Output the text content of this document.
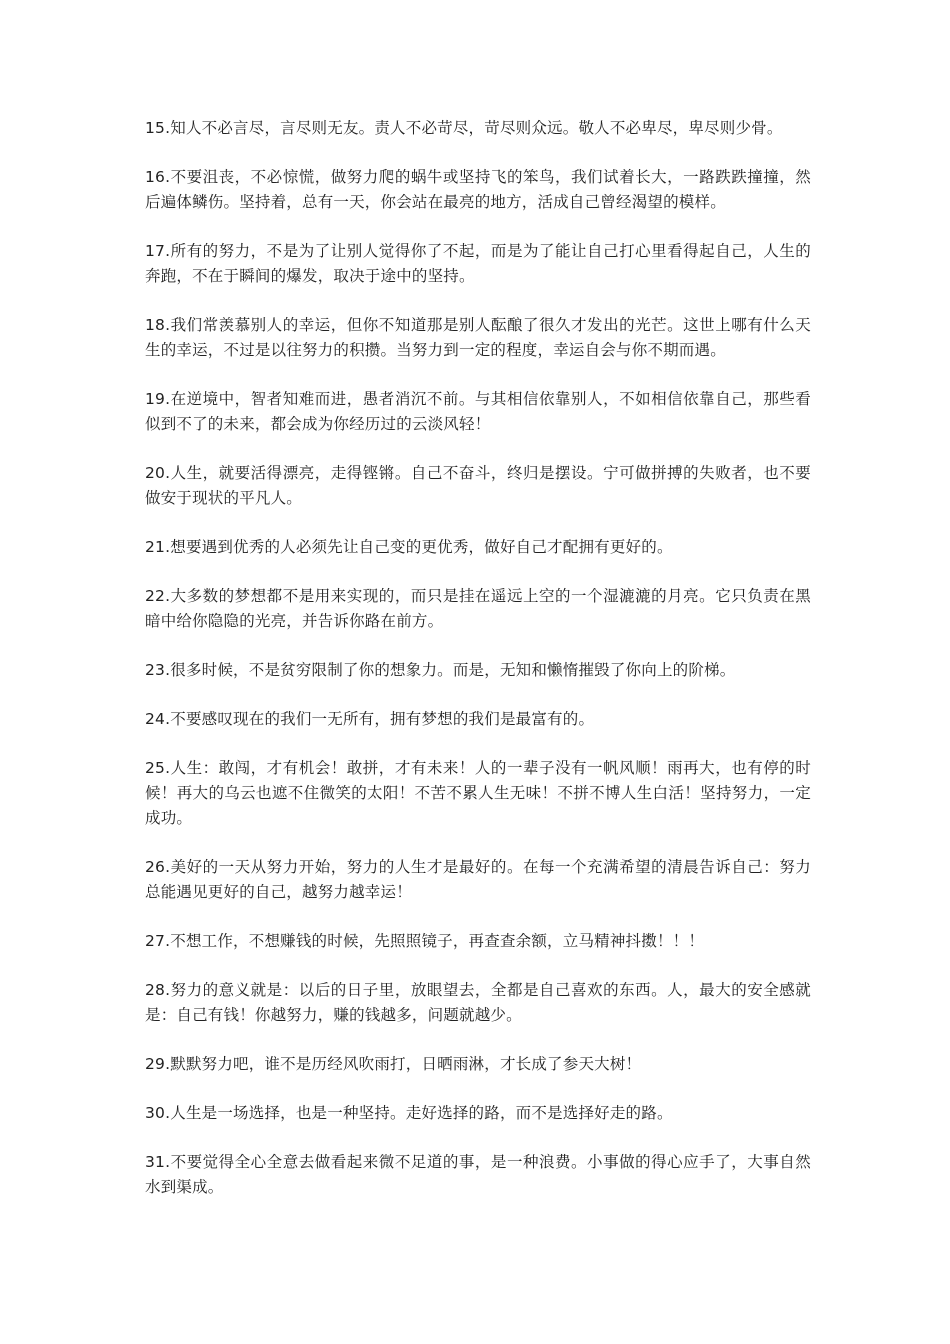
15.知人不必言尽，言尽则无友。责人不必苛尽，苛尽则众远。敬人不必卑尽，卑尽则少骨。

16.不要沮丧，不必惊慌，做努力爬的蜗牛或坚持飞的笨鸟，我们试着长大，一路跌跌撞撞，然后遍体鳞伤。坚持着，总有一天，你会站在最亮的地方，活成自己曾经渴望的模样。

17.所有的努力，不是为了让别人觉得你了不起，而是为了能让自己打心里看得起自己，人生的奔跑，不在于瞬间的爆发，取决于途中的坚持。

18.我们常羡慕别人的幸运，但你不知道那是别人酝酿了很久才发出的光芒。这世上哪有什么天生的幸运，不过是以往努力的积攒。当努力到一定的程度，幸运自会与你不期而遇。

19.在逆境中，智者知难而进，愚者消沉不前。与其相信依靠别人，不如相信依靠自己，那些看似到不了的未来，都会成为你经历过的云淡风轻！

20.人生，就要活得漂亮，走得铿锵。自己不奋斗，终归是摆设。宁可做拼搏的失败者，也不要做安于现状的平凡人。

21.想要遇到优秀的人必须先让自己变的更优秀，做好自己才配拥有更好的。

22.大多数的梦想都不是用来实现的，而只是挂在遥远上空的一个湿漉漉的月亮。它只负责在黑暗中给你隐隐的光亮，并告诉你路在前方。

23.很多时候，不是贫穷限制了你的想象力。而是，无知和懒惰摧毁了你向上的阶梯。

24.不要感叹现在的我们一无所有，拥有梦想的我们是最富有的。

25.人生：敢闯，才有机会！敢拼，才有未来！人的一辈子没有一帆风顺！雨再大，也有停的时候！再大的乌云也遮不住微笑的太阳！不苦不累人生无味！不拼不博人生白活！坚持努力，一定成功。

26.美好的一天从努力开始，努力的人生才是最好的。在每一个充满希望的清晨告诉自己：努力总能遇见更好的自己，越努力越幸运！

27.不想工作，不想赚钱的时候，先照照镜子，再查查余额，立马精神抖擞！！！

28.努力的意义就是：以后的日子里，放眼望去，全都是自己喜欢的东西。人，最大的安全感就是：自己有钱！你越努力，赚的钱越多，问题就越少。

29.默默努力吧，谁不是历经风吹雨打，日晒雨淋，才长成了参天大树！

30.人生是一场选择，也是一种坚持。走好选择的路，而不是选择好走的路。

31.不要觉得全心全意去做看起来微不足道的事，是一种浪费。小事做的得心应手了，大事自然水到渠成。
